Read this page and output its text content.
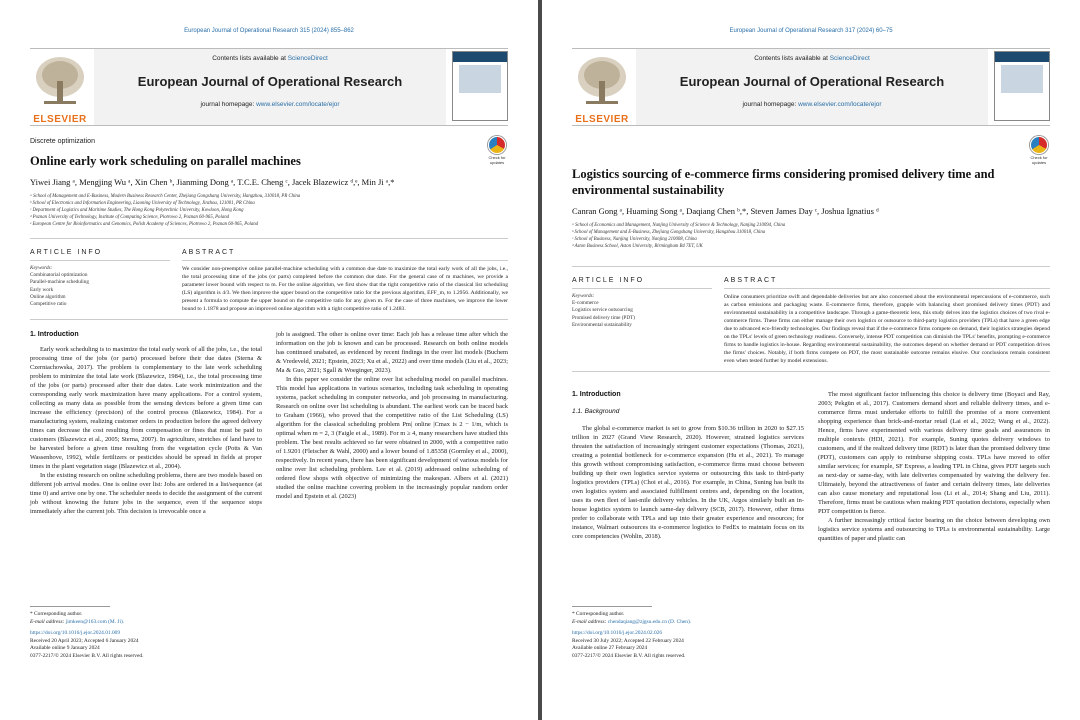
European Journal of Operational Research 315 (2024) 855–862
ELSEVIER
Contents lists available at ScienceDirect
European Journal of Operational Research
journal homepage: www.elsevier.com/locate/ejor
Discrete optimization
Check for updates
Online early work scheduling on parallel machines
Yiwei Jiang ᵃ, Mengjing Wu ᵃ, Xin Chen ᵇ, Jianming Dong ᵃ, T.C.E. Cheng ᶜ, Jacek Blazewicz ᵈ,ᵉ, Min Ji ᵃ,*
ᵃ School of Management and E-Business, Modern Business Research Center, Zhejiang Gongshang University, Hangzhou, 310018, PR China
ᵇ School of Electronics and Information Engineering, Liaoning University of Technology, Jinzhou, 121001, PR China
ᶜ Department of Logistics and Maritime Studies, The Hong Kong Polytechnic University, Kowloon, Hong Kong
ᵈ Poznan University of Technology, Institute of Computing Science, Piotrowo 2, Poznan 60-965, Poland
ᵉ European Centre for Bioinformatics and Genomics, Polish Academy of Sciences, Piotrowo 2, Poznan 60-965, Poland
ARTICLE INFO
Keywords:
Combinatorial optimization
Parallel-machine scheduling
Early work
Online algorithm
Competitive ratio
ABSTRACT
We consider non-preemptive online parallel-machine scheduling with a common due date to maximize the total early work of all the jobs, i.e., the total processing time of the jobs (or parts) completed before the common due date. For the general case of m machines, we provide a parameter lower bound with respect to m. For the online algorithm, we first show that the tight competitive ratio of the classical list scheduling (LS) algorithm is 4/3. We then improve the upper bound on the competitive ratio for the previous algorithm, EFF_m, to 1.2956. Additionally, we present a formula to compute the upper bound on the competitive ratio for any given m. For the case of three machines, we improve the lower bound to 1.1878 and propose an improved online algorithm with a tight competitive ratio of 1.2483.
1. Introduction

Early work scheduling is to maximize the total early work of all the jobs, i.e., the total processing time of the jobs (or parts) processed before their due dates (Sterna & Czerniachowska, 2017). The problem is complementary to the late work scheduling problem to minimize the total late work (Blazewicz, 1984), i.e., the total processing time of the jobs (or parts) processed after their due dates. Late work minimization and the corresponding early work maximization have many applications. For a control system, collecting as many data as possible from the sensing devices before a given time can increase the efficiency (precision) of the control process (Blazewicz, 1984). For a manufacturing system, realizing customer orders in production before the agreed delivery times can decrease the cost resulting from compensation or fines that must be paid to customers (Blazewicz et al., 2005; Sterna, 2007). In agriculture, stretches of land have to be harvested before a given time resulting from the vegetation cycle (Potts & Van Wassenhove, 1992), while fertilizers or pesticides should be spread in fields at proper times in the plant vegetation stage (Blazewicz et al., 2004).

In the existing research on online scheduling problems, there are two models based on different job arrival modes. One is online over list: Jobs are ordered in a list/sequence (at time 0) and arrive one by one. The scheduler needs to decide the assignment of the current job without knowing the future jobs in the sequence, even if the sequence stops immediately after the current job. This decision is irrevocable once a

job is assigned. The other is online over time: Each job has a release time after which the information on the job is known and can be processed. Research on both online models has continued unabated, as evidenced by recent findings in the over list models (Buchem & Vredeveld, 2021; Epstein, 2023; Xu et al., 2022) and over time models (Liu et al., 2023; Ma & Guo, 2021; Sgall & Woeginger, 2023).

In this paper we consider the online over list scheduling model on parallel machines. This model has applications in various scenarios, including task scheduling in operating systems, packet scheduling in computer networks, and job processing in manufacturing. Research on online over list scheduling is abundant. The earliest work can be traced back to Graham (1966), who proved that the competitive ratio of the List Scheduling (LS) algorithm for the classical scheduling problem Pm| online |Cmax is 2 − 1/m, which is optimal when m = 2, 3 (Faigle et al., 1989). For m ≥ 4, many researchers have studied this problem. The best results achieved so far were obtained in 2000, with a competitive ratio of 1.9201 (Fleischer & Wahl, 2000) and a lower bound of 1.85358 (Gormley et al., 2000), respectively. In recent years, there has been significant development of various models for online over list scheduling problem. Lee et al. (2019) addressed online scheduling of ordered flow shops with objective of minimizing the makespan. Albers et al. (2021) studied the online machine covering problem in the increasingly popular random order model and Epstein et al. (2023)

* Corresponding author.
E-mail address: jimkeen@163.com (M. Ji).
https://doi.org/10.1016/j.ejor.2024.01.009
Received 20 April 2023; Accepted 6 January 2024
Available online 9 January 2024
0377-2217/© 2024 Elsevier B.V. All rights reserved.
European Journal of Operational Research 317 (2024) 60–75
ELSEVIER
Contents lists available at ScienceDirect
European Journal of Operational Research
journal homepage: www.elsevier.com/locate/ejor
Check for updates
Logistics sourcing of e-commerce firms considering promised delivery time and environmental sustainability
Canran Gong ᵃ, Huaming Song ᵃ, Daqiang Chen ᵇ,*, Steven James Day ᶜ, Joshua Ignatius ᵈ
ᵃ School of Economics and Management, Nanjing University of Science & Technology, Nanjing 210094, China
ᵇ School of Management and E-Business, Zhejiang Gongshang University, Hangzhou 310018, China
ᶜ School of Business, Nanjing University, Nanjing 210008, China
ᵈ Aston Business School, Aston University, Birmingham B4 7ET, UK
ARTICLE INFO
Keywords:
E-commerce
Logistics service outsourcing
Promised delivery time (PDT)
Environmental sustainability
ABSTRACT
Online consumers prioritize swift and dependable deliveries but are also concerned about the environmental repercussions of e-commerce, such as carbon emissions and packaging waste. E-commerce firms, therefore, grapple with balancing short promised delivery times (PDT) and environmental sustainability in a competitive landscape. Through a game-theoretic lens, this study delves into the logistics choices of two rival e-commerce firms. These firms can either manage their own logistics or outsource to third-party logistics providers (TPLs) that have a green edge due to advanced eco-friendly technologies. Our findings reveal that if the e-commerce firms compete on demand, their logistics strategies depend on the TPLs' levels of green technology readiness. Conversely, intense PDT competition can diminish the TPLs' benefits, prompting e-commerce firms to handle logistics in-house. Regarding environmental sustainability, the outcomes depend on whether demand or PDT competition drives the firms' choices. Notably, if both firms compete on PDT, the most sustainable outcome remains elusive. Our conclusions remain consistent even when tested further by model extensions.
1. Introduction
1.1. Background

The global e-commerce market is set to grow from $10.36 trillion in 2020 to $27.15 trillion in 2027 (Grand View Research, 2020). However, strained logistics services threaten the satisfaction of increasingly stringent customer expectations (Thomas, 2021), creating a potential bottleneck for e-commerce expansion (Hu et al., 2021). To manage this growth without compromising satisfaction, e-commerce firms must choose between building up their own logistics service systems or outsourcing this task to third-party logistics providers (TPLs) (Choi et al., 2016). For example, in China, Suning has built its own logistics system and associated fulfillment centres and, depending on the location, uses its own fleet of last-mile delivery vehicles. In the UK, Argos similarly built an in-house logistics system to launch same-day delivery (SCB, 2017). However, other firms prefer to collaborate with TPLs and tap into their greater experience and resources; for instance, Walmart outsources its e-commerce logistics to FedEx to maintain focus on its core competencies (Wohlin, 2018).

The most significant factor influencing this choice is delivery time (Boyaci and Ray, 2003; Pekgün et al., 2017). Customers demand short and reliable delivery times, and e-commerce firms must undertake efforts to fulfill the promise of a more convenient shopping experience than brick-and-mortar retail (Lai et al., 2022; Wang et al., 2022). Hence, firms have experimented with various delivery time goals and assurances in multiple contexts (HDI, 2021). For example, Suning quotes delivery windows to customers, and if the realized delivery time (RDT) is later than the promised delivery time (PDT), customers can apply to reimburse shipping costs. TPLs have moved to offer similar services; for example, SF Express, a leading TPL in China, gives PDT targets such as next-day or same-day, with late deliveries compensated by waiving the delivery fee. Ultimately, beyond the attractiveness of faster and certain delivery times, late deliveries can also cause monetary and reputational loss (Li et al., 2014; Shang and Liu, 2011). Therefore, firms must be cautious when making PDT quotation decisions, especially when PDT competition is fierce.

A further increasingly critical factor bearing on the choice between developing own logistics service systems and outsourcing to TPLs is environmental sustainability. Large quantities of paper and plastic can

* Corresponding author.
E-mail address: chendaqiang@zjgsu.edu.cn (D. Chen).
https://doi.org/10.1016/j.ejor.2024.02.026
Received 30 July 2022; Accepted 22 February 2024
Available online 27 February 2024
0377-2217/© 2024 Elsevier B.V. All rights reserved.
